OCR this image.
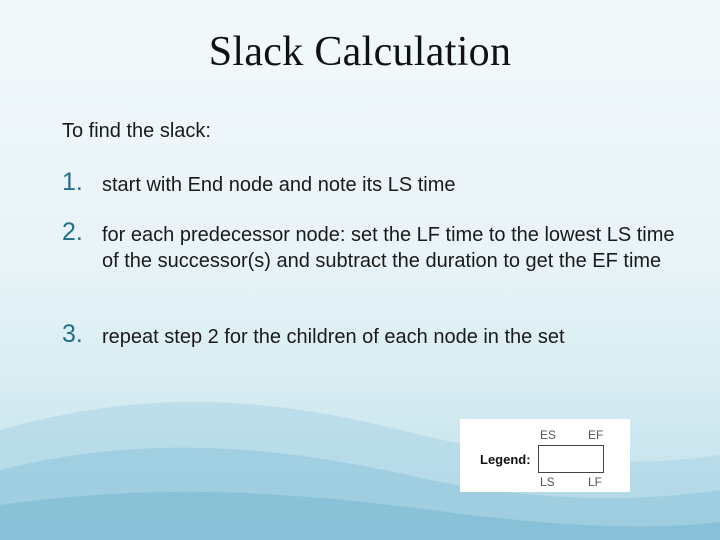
Slack Calculation
To find the slack:
1. start with End node and note its LS time
2. for each predecessor node: set the LF time to the lowest LS time of the successor(s) and subtract the duration to get the EF time
3. repeat step 2 for the children of each node in the set
Legend:
ES	EF
LS	LF
